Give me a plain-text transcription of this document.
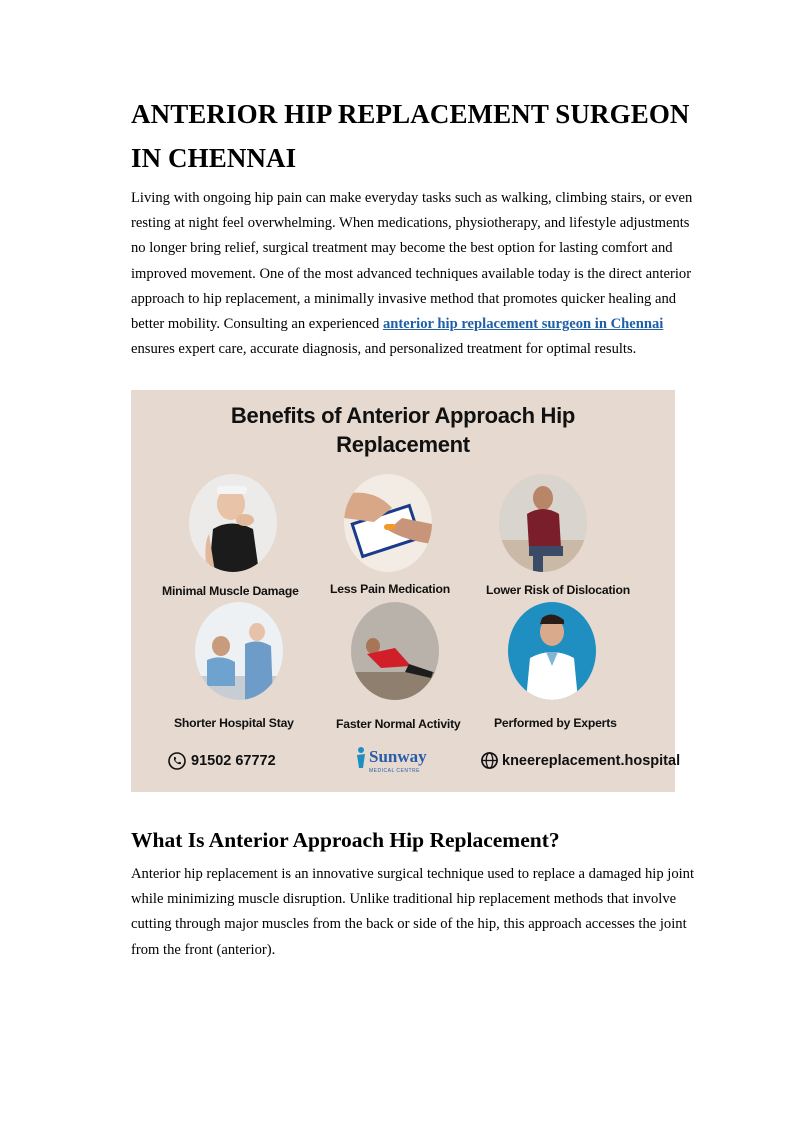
ANTERIOR HIP REPLACEMENT SURGEON
IN CHENNAI

Living with ongoing hip pain can make everyday tasks such as walking, climbing stairs, or even resting at night feel overwhelming. When medications, physiotherapy, and lifestyle adjustments no longer bring relief, surgical treatment may become the best option for lasting comfort and improved movement. One of the most advanced techniques available today is the direct anterior approach to hip replacement, a minimally invasive method that promotes quicker healing and better mobility. Consulting an experienced anterior hip replacement surgeon in Chennai ensures expert care, accurate diagnosis, and personalized treatment for optimal results.

Benefits of Anterior Approach Hip
Replacement
Minimal Muscle Damage	Less Pain Medication	Lower Risk of Dislocation
Shorter Hospital Stay	Faster Normal Activity	Performed by Experts
91502 67772	Sunway
MEDICAL CENTRE
kneereplacement.hospital
What Is Anterior Approach Hip Replacement?

Anterior hip replacement is an innovative surgical technique used to replace a damaged hip joint while minimizing muscle disruption. Unlike traditional hip replacement methods that involve cutting through major muscles from the back or side of the hip, this approach accesses the joint from the front (anterior).
